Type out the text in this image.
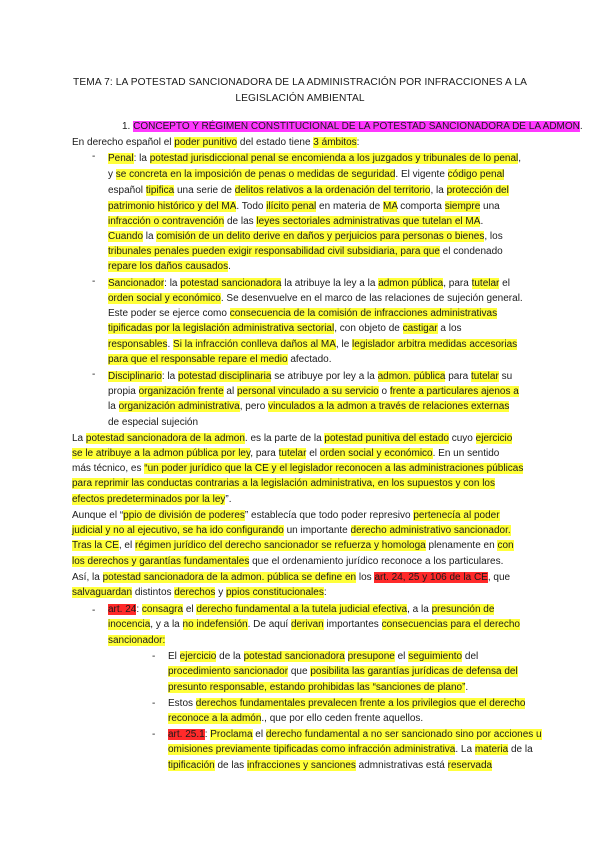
TEMA 7: LA POTESTAD SANCIONADORA DE LA ADMINISTRACIÓN POR INFRACCIONES A LA
LEGISLACIÓN AMBIENTAL
-
-
-
-
-
-
-
1. CONCEPTO Y RÉGIMEN CONSTITUCIONAL DE LA POTESTAD SANCIONADORA DE LA ADMON.
En derecho español el poder punitivo del estado tiene 3 ámbitos:
Penal: la potestad jurisdiccional penal se encomienda a los juzgados y tribunales de lo penal,
y se concreta en la imposición de penas o medidas de seguridad. El vigente código penal
español tipifica una serie de delitos relativos a la ordenación del territorio, la protección del
patrimonio histórico y del MA. Todo ilícito penal en materia de MA comporta siempre una
infracción o contravención de las leyes sectoriales administrativas que tutelan el MA.
Cuando la comisión de un delito derive en daños y perjuicios para personas o bienes, los
tribunales penales pueden exigir responsabilidad civil subsidiaria, para que el condenado
repare los daños causados.
Sancionador: la potestad sancionadora la atribuye la ley a la admon pública, para tutelar el
orden social y económico. Se desenvuelve en el marco de las relaciones de sujeción general.
Este poder se ejerce como consecuencia de la comisión de infracciones administrativas
tipificadas por la legislación administrativa sectorial, con objeto de castigar a los
responsables. Si la infracción conlleva daños al MA, le legislador arbitra medidas accesorias
para que el responsable repare el medio afectado.
Disciplinario: la potestad disciplinaria se atribuye por ley a la admon. pública para tutelar su
propia organización frente al personal vinculado a su servicio o frente a particulares ajenos a
la organización administrativa, pero vinculados a la admon a través de relaciones externas
de especial sujeción
La potestad sancionadora de la admon. es la parte de la potestad punitiva del estado cuyo ejercicio
se le atribuye a la admon pública por ley, para tutelar el orden social y económico. En un sentido
más técnico, es “un poder jurídico que la CE y el legislador reconocen a las administraciones públicas
para reprimir las conductas contrarias a la legislación administrativa, en los supuestos y con los
efectos predeterminados por la ley”.
Aunque el “ppio de división de poderes” establecía que todo poder represivo pertenecía al poder
judicial y no al ejecutivo, se ha ido configurando un importante derecho administrativo sancionador.
Tras la CE, el régimen jurídico del derecho sancionador se refuerza y homologa plenamente en con
los derechos y garantías fundamentales que el ordenamiento jurídico reconoce a los particulares.
Así, la potestad sancionadora de la admon. pública se define en los art. 24, 25 y 106 de la CE, que
salvaguardan distintos derechos y ppios constitucionales:
art. 24: consagra el derecho fundamental a la tutela judicial efectiva, a la presunción de
inocencia, y a la no indefensión. De aquí derivan importantes consecuencias para el derecho
sancionador:
El ejercicio de la potestad sancionadora presupone el seguimiento del
procedimiento sancionador que posibilita las garantías jurídicas de defensa del
presunto responsable, estando prohibidas las “sanciones de plano”.
Estos derechos fundamentales prevalecen frente a los privilegios que el derecho
reconoce a la admón., que por ello ceden frente aquellos.
art. 25.1: Proclama el derecho fundamental a no ser sancionado sino por acciones u
omisiones previamente tipificadas como infracción administrativa. La materia de la
tipificación de las infracciones y sanciones admnistrativas está reservada
